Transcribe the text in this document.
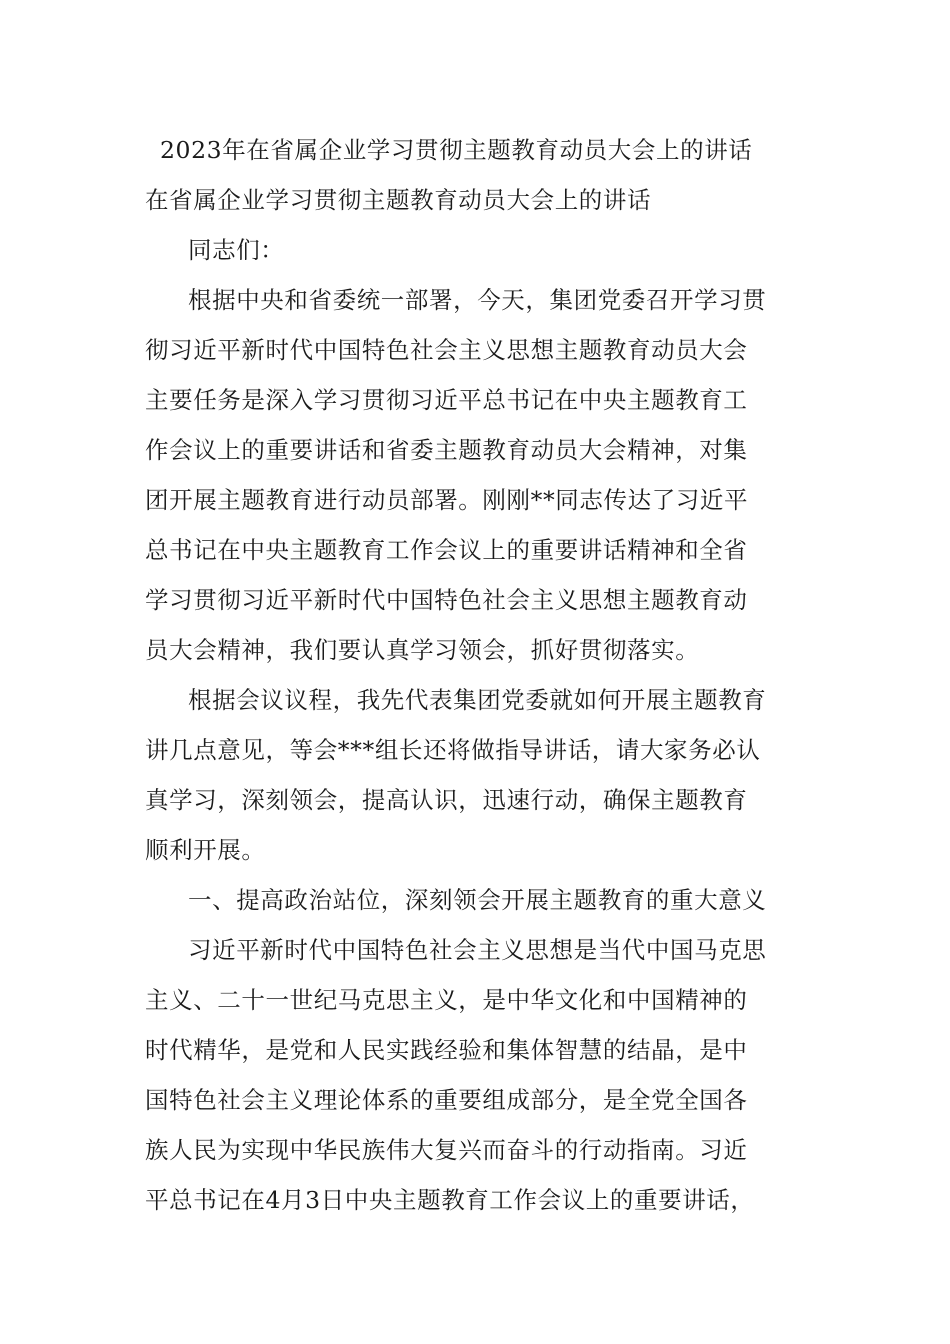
2023年在省属企业学习贯彻主题教育动员大会上的讲话
在省属企业学习贯彻主题教育动员大会上的讲话
同志们：
根据中央和省委统一部署，今天，集团党委召开学习贯
彻习近平新时代中国特色社会主义思想主题教育动员大会
主要任务是深入学习贯彻习近平总书记在中央主题教育工
作会议上的重要讲话和省委主题教育动员大会精神，对集
团开展主题教育进行动员部署。刚刚**同志传达了习近平
总书记在中央主题教育工作会议上的重要讲话精神和全省
学习贯彻习近平新时代中国特色社会主义思想主题教育动
员大会精神，我们要认真学习领会，抓好贯彻落实。
根据会议议程，我先代表集团党委就如何开展主题教育
讲几点意见，等会***组长还将做指导讲话，请大家务必认
真学习，深刻领会，提高认识，迅速行动，确保主题教育
顺利开展。
一、提高政治站位，深刻领会开展主题教育的重大意义
习近平新时代中国特色社会主义思想是当代中国马克思
主义、二十一世纪马克思主义，是中华文化和中国精神的
时代精华，是党和人民实践经验和集体智慧的结晶，是中
国特色社会主义理论体系的重要组成部分，是全党全国各
族人民为实现中华民族伟大复兴而奋斗的行动指南。习近
平总书记在4月3日中央主题教育工作会议上的重要讲话，
